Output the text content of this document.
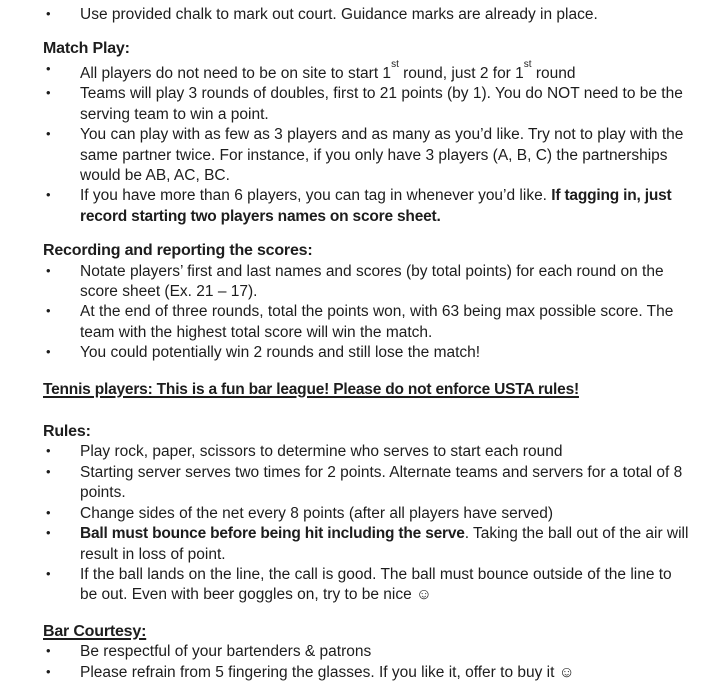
• Use provided chalk to mark out court. Guidance marks are already in place.
Match Play:
• All players do not need to be on site to start 1st round, just 2 for 1st round
• Teams will play 3 rounds of doubles, first to 21 points (by 1). You do NOT need to be the serving team to win a point.
• You can play with as few as 3 players and as many as you’d like. Try not to play with the same partner twice. For instance, if you only have 3 players (A, B, C) the partnerships would be AB, AC, BC.
• If you have more than 6 players, you can tag in whenever you’d like. If tagging in, just record starting two players names on score sheet.
Recording and reporting the scores:
• Notate players’ first and last names and scores (by total points) for each round on the score sheet (Ex. 21 – 17).
• At the end of three rounds, total the points won, with 63 being max possible score. The team with the highest total score will win the match.
• You could potentially win 2 rounds and still lose the match!
Tennis players: This is a fun bar league! Please do not enforce USTA rules!
Rules:
• Play rock, paper, scissors to determine who serves to start each round
• Starting server serves two times for 2 points. Alternate teams and servers for a total of 8 points.
• Change sides of the net every 8 points (after all players have served)
• Ball must bounce before being hit including the serve. Taking the ball out of the air will result in loss of point.
• If the ball lands on the line, the call is good. The ball must bounce outside of the line to be out. Even with beer goggles on, try to be nice ☺
Bar Courtesy:
• Be respectful of your bartenders & patrons
• Please refrain from 5 fingering the glasses. If you like it, offer to buy it ☺
